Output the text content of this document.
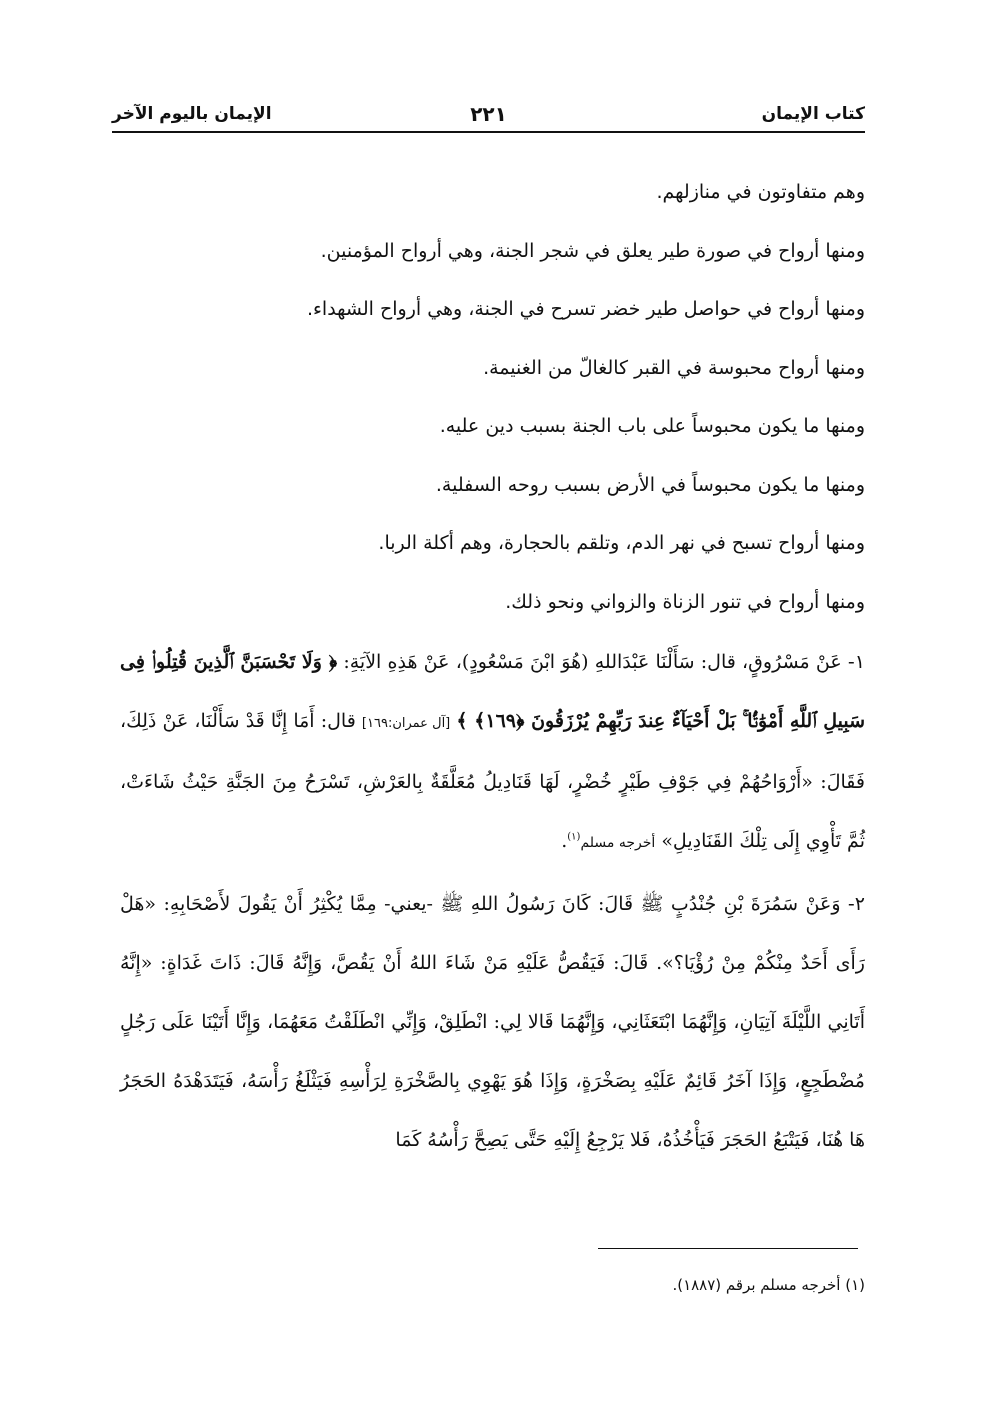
كتاب الإيمان
٢٢١
الإيمان باليوم الآخر
وهم متفاوتون في منازلهم.
ومنها أرواح في صورة طير يعلق في شجر الجنة، وهي أرواح المؤمنين.
ومنها أرواح في حواصل طير خضر تسرح في الجنة، وهي أرواح الشهداء.
ومنها أرواح محبوسة في القبر كالغالّ من الغنيمة.
ومنها ما يكون محبوساً على باب الجنة بسبب دين عليه.
ومنها ما يكون محبوساً في الأرض بسبب روحه السفلية.
ومنها أرواح تسبح في نهر الدم، وتلقم بالحجارة، وهم أكلة الربا.
ومنها أرواح في تنور الزناة والزواني ونحو ذلك.
١- عَنْ مَسْرُوقٍ، قال: سَأَلْنَا عَبْدَاللهِ (هُوَ ابْنَ مَسْعُودٍ)، عَنْ هَذِهِ الآيَةِ: ﴿ وَلَا تَحْسَبَنَّ ٱلَّذِينَ قُتِلُوا۟ فِى سَبِيلِ ٱللَّهِ أَمْوَٰتًۢا ۚ بَلْ أَحْيَآءٌ عِندَ رَبِّهِمْ يُرْزَقُونَ ﴿١٦٩﴾ ﴾ [آل عمران:١٦٩] قال: أَمَا إِنَّا قَدْ سَأَلْنَا، عَنْ ذَلِكَ، فَقَالَ: «أَرْوَاحُهُمْ فِي جَوْفِ طَيْرٍ خُضْرٍ، لَهَا قَنَادِيلُ مُعَلَّقَةٌ بِالعَرْشِ، تَسْرَحُ مِنَ الجَنَّةِ حَيْثُ شَاءَتْ، ثُمَّ تَأْوِي إِلَى تِلْكَ القَنَادِيلِ» أخرجه مسلم$^{(١)}$.
٢- وَعَنْ سَمُرَةَ بْنِ جُنْدُبٍ ﷺ قَالَ: كَانَ رَسُولُ اللهِ ﷺ -يعني- مِمَّا يُكْثِرُ أَنْ يَقُولَ لأَصْحَابِهِ: «هَلْ رَأَى أَحَدٌ مِنْكُمْ مِنْ رُؤْيَا؟». قَالَ: فَيَقُصُّ عَلَيْهِ مَنْ شَاءَ اللهُ أَنْ يَقُصَّ، وَإِنَّهُ قَالَ: ذَاتَ غَدَاةٍ: «إِنَّهُ أَتَانِي اللَّيْلَةَ آتِيَانِ، وَإِنَّهُمَا ابْتَعَثَانِي، وَإِنَّهُمَا قَالا لِي: انْطَلِقْ، وَإِنِّي انْطَلَقْتُ مَعَهُمَا، وَإِنَّا أَتَيْنَا عَلَى رَجُلٍ مُضْطَجِعٍ، وَإِذَا آخَرُ قَائِمٌ عَلَيْهِ بِصَخْرَةٍ، وَإِذَا هُوَ يَهْوِي بِالصَّخْرَةِ لِرَأْسِهِ فَيَثْلَغُ رَأْسَهُ، فَيَتَدَهْدَهُ الحَجَرُ هَا هُنَا، فَيَتْبَعُ الحَجَرَ فَيَأْخُذُهُ، فَلا يَرْجِعُ إِلَيْهِ حَتَّى يَصِحَّ رَأْسُهُ كَمَا
(١) أخرجه مسلم برقم (١٨٨٧).
